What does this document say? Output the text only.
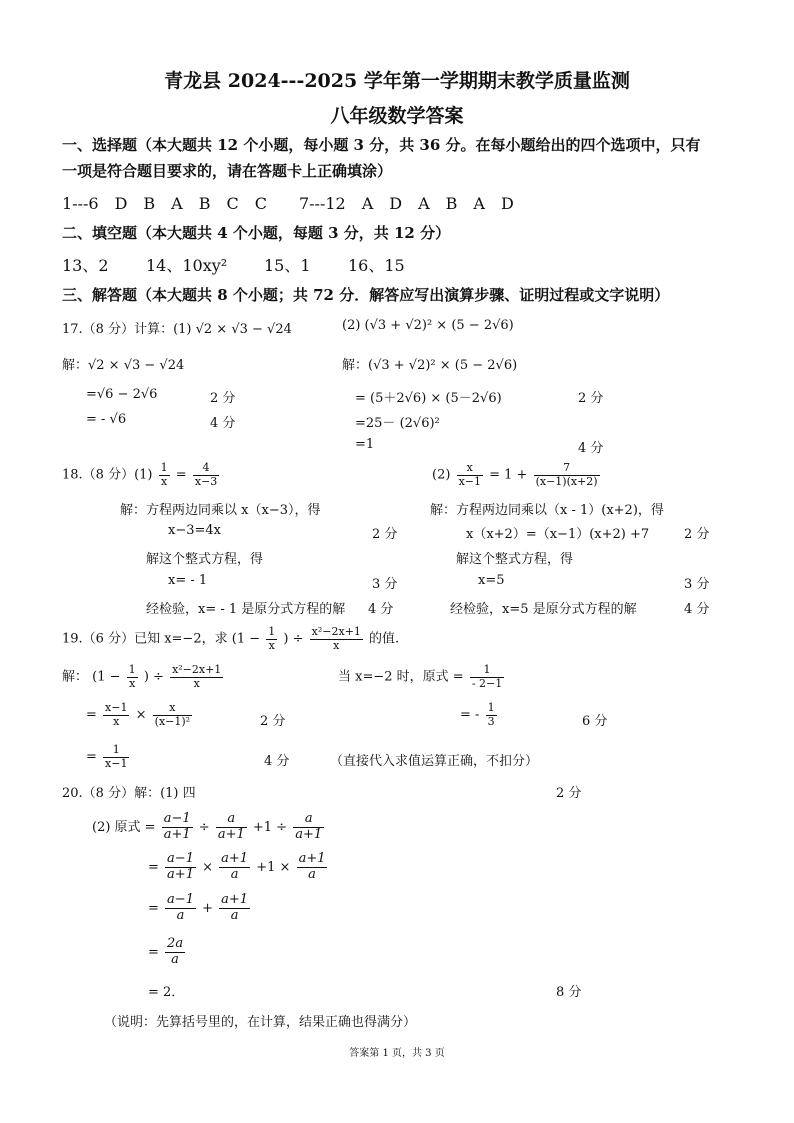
青龙县 2024---2025 学年第一学期期末教学质量监测
八年级数学答案
一、选择题（本大题共 12 个小题，每小题 3 分，共 36 分。在每小题给出的四个选项中，只有
一项是符合题目要求的，请在答题卡上正确填涂）
1---6　D　B　A　B　C　C　　7---12　A　D　A　B　A　D
二、填空题（本大题共 4 个小题，每题 3 分，共 12 分）
13、2 14、10xy² 15、1 16、15
三、解答题（本大题共 8 个小题；共 72 分．解答应写出演算步骤、证明过程或文字说明）
17.（8 分）计算：(1) √2 × √3 − √24	(2) (√3 + √2)² × (5 − 2√6)
解：√2 × √3 − √24	解：(√3 + √2)² × (5 − 2√6)
=√6 − 2√6	2 分	= (5＋2√6) × (5－2√6)	2 分
= - √6	4 分	=25－ (2√6)²
=1	4 分
18.（8 分）$(1) \frac{1}{x} = \frac{4}{x-3}$	$(2) \frac{x}{x-1} = 1 + \frac{7}{(x-1)(x+2)}$
解：方程两边同乘以 x（x−3），得	解：方程两边同乘以（x - 1）(x+2)，得
x−3=4x	2 分	x（x+2）=（x−1）(x+2) +7	2 分
解这个整式方程，得	解这个整式方程，得
x= - 1	3 分	x=5	3 分
经检验，x= - 1 是原分式方程的解 4 分	经检验，x=5 是原分式方程的解	4 分
19.（6 分）已知 x=−2，求 ($1 - \frac{1}{x}$ ) ÷ $\frac{\text{x²−2x+1}}{x}$ 的值.
解： ($1 - \frac{1}{x}$ ) ÷ $\frac{\text{x²−2x+1}}{x}$	当 x=−2 时，原式 = $\frac{1}{- 2-1}$
= $\frac{x-1}{x} \times \frac{x}{\text{(x−1)²}}$	2 分	= - $\frac{1}{3}$	6 分
= $\frac{1}{x-1}$	4 分	（直接代入求值运算正确，不扣分）
20.（8 分）解：(1) 四	2 分
(2) 原式 = $\frac{a-1}{a+1} \div \frac{a}{a+1} +1 \div \frac{a}{a+1}$
= $\frac{a-1}{a+1} \times \frac{a+1}{a} +1 \times \frac{a+1}{a}$
= $\frac{a-1}{a} + \frac{a+1}{a}$
= $\frac{2a}{a}$
= 2．	8 分
（说明：先算括号里的，在计算，结果正确也得满分）
答案第 1 页，共 3 页
